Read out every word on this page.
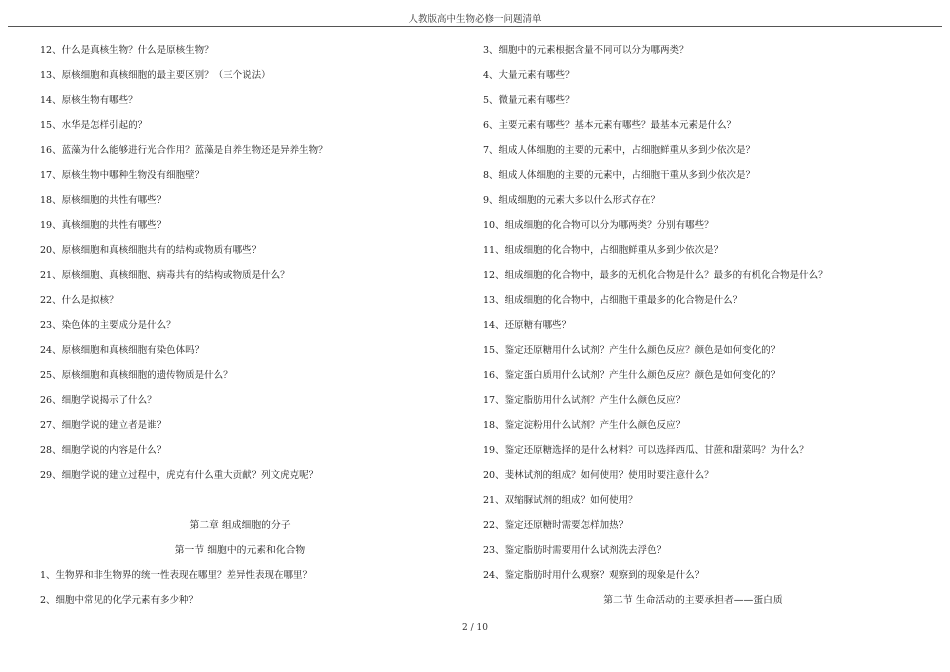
人教版高中生物必修一问题清单
12、什么是真核生物？什么是原核生物？
13、原核细胞和真核细胞的最主要区别？（三个说法）
14、原核生物有哪些？
15、水华是怎样引起的？
16、蓝藻为什么能够进行光合作用？蓝藻是自养生物还是异养生物？
17、原核生物中哪种生物没有细胞壁？
18、原核细胞的共性有哪些？
19、真核细胞的共性有哪些？
20、原核细胞和真核细胞共有的结构或物质有哪些？
21、原核细胞、真核细胞、病毒共有的结构或物质是什么？
22、什么是拟核？
23、染色体的主要成分是什么？
24、原核细胞和真核细胞有染色体吗？
25、原核细胞和真核细胞的遗传物质是什么？
26、细胞学说揭示了什么？
27、细胞学说的建立者是谁？
28、细胞学说的内容是什么？
29、细胞学说的建立过程中，虎克有什么重大贡献？列文虎克呢？
第二章 组成细胞的分子
第一节 细胞中的元素和化合物
1、生物界和非生物界的统一性表现在哪里？差异性表现在哪里？
2、细胞中常见的化学元素有多少种？
3、细胞中的元素根据含量不同可以分为哪两类？
4、大量元素有哪些？
5、微量元素有哪些？
6、主要元素有哪些？基本元素有哪些？最基本元素是什么？
7、组成人体细胞的主要的元素中，占细胞鲜重从多到少依次是？
8、组成人体细胞的主要的元素中，占细胞干重从多到少依次是？
9、组成细胞的元素大多以什么形式存在？
10、组成细胞的化合物可以分为哪两类？分别有哪些？
11、组成细胞的化合物中，占细胞鲜重从多到少依次是？
12、组成细胞的化合物中，最多的无机化合物是什么？最多的有机化合物是什么？
13、组成细胞的化合物中，占细胞干重最多的化合物是什么？
14、还原糖有哪些？
15、鉴定还原糖用什么试剂？产生什么颜色反应？颜色是如何变化的？
16、鉴定蛋白质用什么试剂？产生什么颜色反应？颜色是如何变化的？
17、鉴定脂肪用什么试剂？产生什么颜色反应？
18、鉴定淀粉用什么试剂？产生什么颜色反应？
19、鉴定还原糖选择的是什么材料？可以选择西瓜、甘蔗和甜菜吗？为什么？
20、斐林试剂的组成？如何使用？使用时要注意什么？
21、双缩脲试剂的组成？如何使用？
22、鉴定还原糖时需要怎样加热？
23、鉴定脂肪时需要用什么试剂洗去浮色？
24、鉴定脂肪时用什么观察？观察到的现象是什么？
第二节 生命活动的主要承担者——蛋白质
2 / 10
